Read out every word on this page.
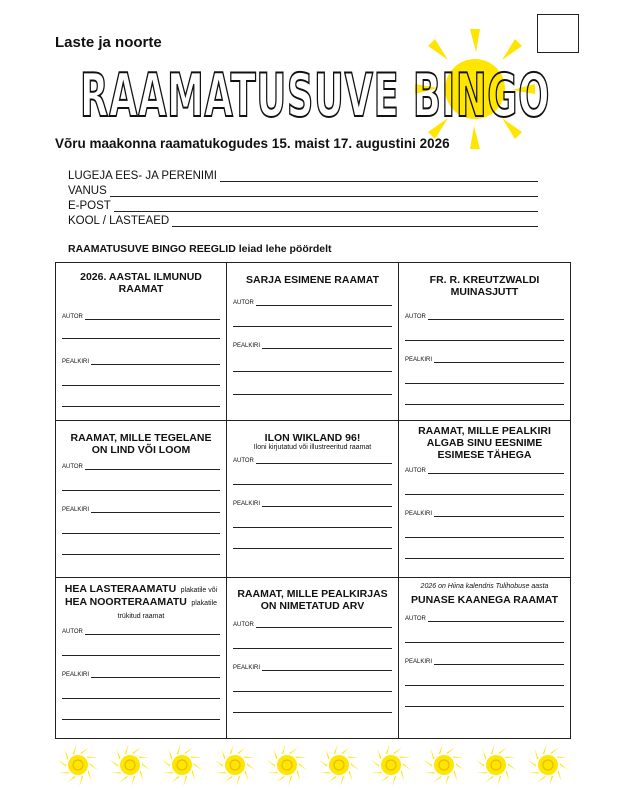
Laste ja noorte
RAAMATUSUVE BINGO
Võru maakonna raamatukogudes 15. maist 17. augustini 2026
LUGEJA EES- JA PERENIMI
VANUS
E-POST
KOOL / LASTEAED
RAAMATUSUVE BINGO REEGLID leiad lehe pöördelt
2026. AASTAL ILMUNUD RAAMAT
AUTOR
PEALKIRI
SARJA ESIMENE RAAMAT
AUTOR
PEALKIRI
FR. R. KREUTZWALDI MUINASJUTT
AUTOR
PEALKIRI
RAAMAT, MILLE TEGELANE ON LIND VÕI LOOM
AUTOR
PEALKIRI
ILON WIKLAND 96!
Iloni kirjutatud või illustreeritud raamat
AUTOR
PEALKIRI
RAAMAT, MILLE PEALKIRI ALGAB SINU EESNIME ESIMESE TÄHEGA
AUTOR
PEALKIRI
HEA LASTERAAMATU plakatile või
HEA NOORTERAAMATU plakatile trükitud raamat
AUTOR
PEALKIRI
RAAMAT, MILLE PEALKIRJAS ON NIMETATUD ARV
AUTOR
PEALKIRI
2026 on Hiina kalendris Tulihobuse aasta
PUNASE KAANEGA RAAMAT
AUTOR
PEALKIRI
